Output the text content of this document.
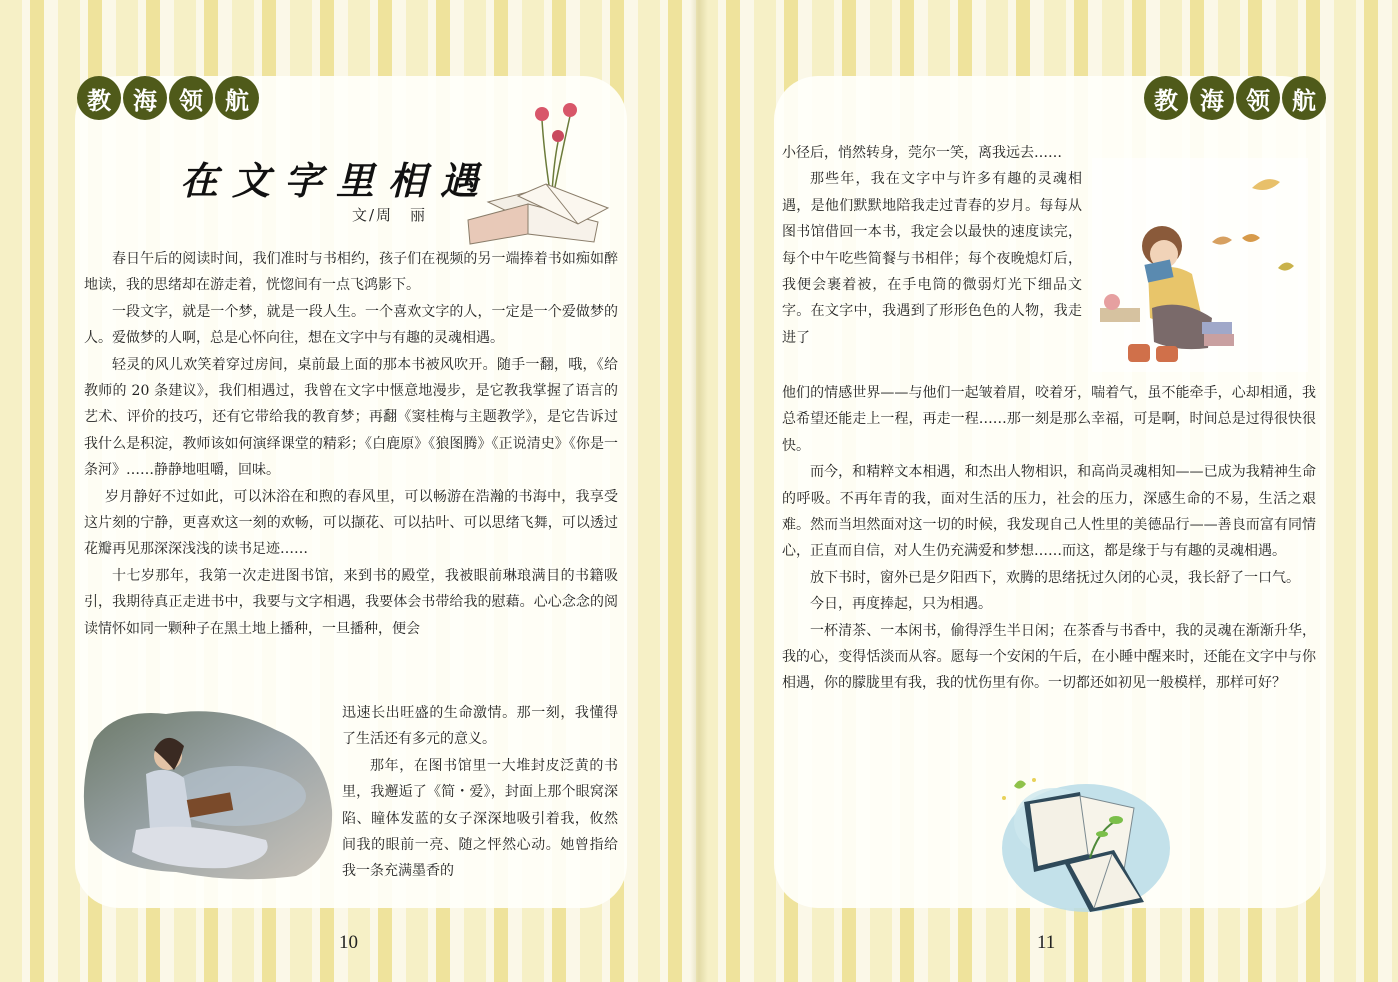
教 海 领 航
在文字里相遇
文/周　丽

春日午后的阅读时间，我们准时与书相约，孩子们在视频的另一端捧着书如痴如醉地读，我的思绪却在游走着，恍惚间有一点飞鸿影下。

一段文字，就是一个梦，就是一段人生。一个喜欢文字的人，一定是一个爱做梦的人。爱做梦的人啊，总是心怀向往，想在文字中与有趣的灵魂相遇。

轻灵的风儿欢笑着穿过房间，桌前最上面的那本书被风吹开。随手一翻，哦，《给教师的 20 条建议》，我们相遇过，我曾在文字中惬意地漫步，是它教我掌握了语言的艺术、评价的技巧，还有它带给我的教育梦；再翻《窦桂梅与主题教学》，是它告诉过我什么是积淀，教师该如何演绎课堂的精彩；《白鹿原》《狼图腾》《正说清史》《你是一条河》……静静地咀嚼，回味。

岁月静好不过如此，可以沐浴在和煦的春风里，可以畅游在浩瀚的书海中，我享受这片刻的宁静，更喜欢这一刻的欢畅，可以撷花、可以拈叶、可以思绪飞舞，可以透过花瓣再见那深深浅浅的读书足迹……

十七岁那年，我第一次走进图书馆，来到书的殿堂，我被眼前琳琅满目的书籍吸引，我期待真正走进书中，我要与文字相遇，我要体会书带给我的慰藉。心心念念的阅读情怀如同一颗种子在黑土地上播种，一旦播种，便会

迅速长出旺盛的生命激情。那一刻，我懂得了生活还有多元的意义。

那年，在图书馆里一大堆封皮泛黄的书里，我邂逅了《简・爱》，封面上那个眼窝深陷、瞳体发蓝的女子深深地吸引着我，攸然间我的眼前一亮、随之怦然心动。她曾指给我一条充满墨香的

10
教 海 领 航

小径后，悄然转身，莞尔一笑，离我远去……

那些年，我在文字中与许多有趣的灵魂相遇，是他们默默地陪我走过青春的岁月。每每从图书馆借回一本书，我定会以最快的速度读完，每个中午吃些简餐与书相伴；每个夜晚熄灯后，我便会裹着被，在手电筒的微弱灯光下细品文字。在文字中，我遇到了形形色色的人物，我走进了

他们的情感世界——与他们一起皱着眉，咬着牙，喘着气，虽不能牵手，心却相通，我总希望还能走上一程，再走一程……那一刻是那么幸福，可是啊，时间总是过得很快很快。

而今，和精粹文本相遇，和杰出人物相识，和高尚灵魂相知——已成为我精神生命的呼吸。不再年青的我，面对生活的压力，社会的压力，深感生命的不易，生活之艰难。然而当坦然面对这一切的时候，我发现自己人性里的美德品行——善良而富有同情心，正直而自信，对人生仍充满爱和梦想……而这，都是缘于与有趣的灵魂相遇。

放下书时，窗外已是夕阳西下，欢腾的思绪抚过久闭的心灵，我长舒了一口气。

今日，再度捧起，只为相遇。

一杯清茶、一本闲书，偷得浮生半日闲；在茶香与书香中，我的灵魂在渐渐升华，我的心，变得恬淡而从容。愿每一个安闲的午后，在小睡中醒来时，还能在文字中与你相遇，你的朦胧里有我，我的忧伤里有你。一切都还如初见一般模样，那样可好？

11
